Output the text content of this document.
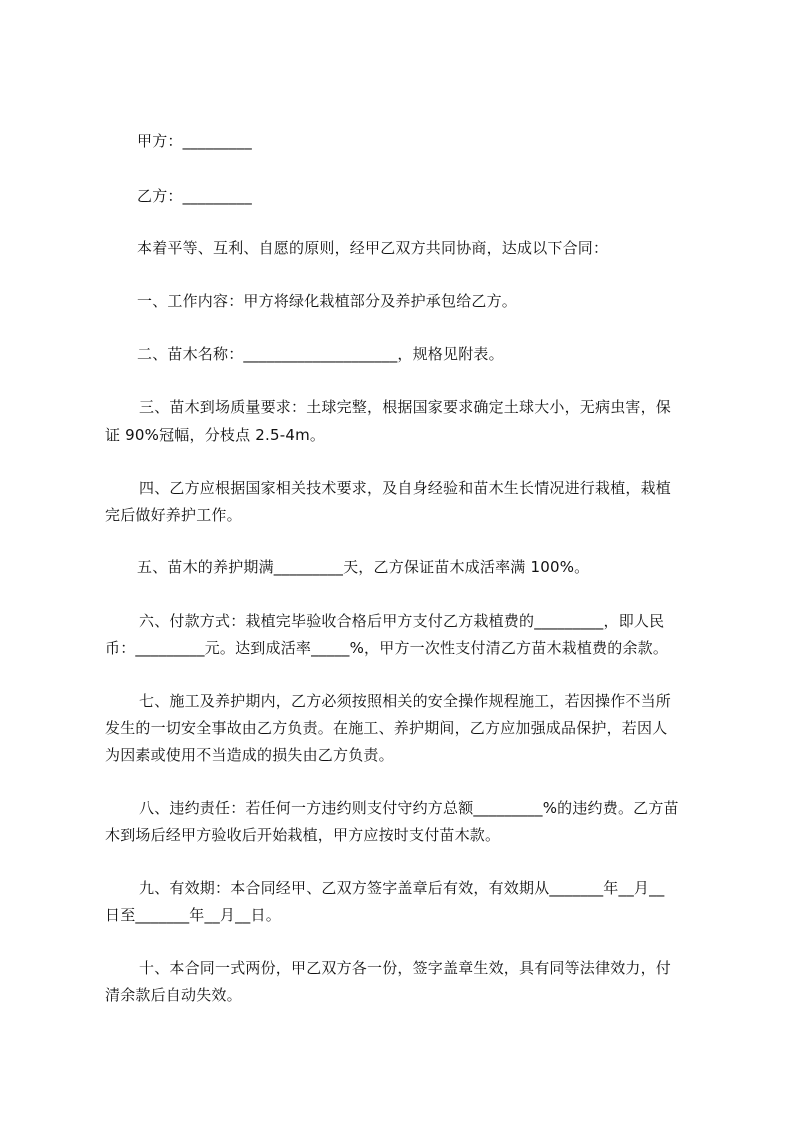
甲方：_________
乙方：_________
本着平等、互利、自愿的原则，经甲乙双方共同协商，达成以下合同：
一、工作内容：甲方将绿化栽植部分及养护承包给乙方。
二、苗木名称：____________________，规格见附表。
三、苗木到场质量要求：土球完整，根据国家要求确定土球大小，无病虫害，保
证 90%冠幅，分枝点 2.5-4m。
四、乙方应根据国家相关技术要求，及自身经验和苗木生长情况进行栽植，栽植
完后做好养护工作。
五、苗木的养护期满_________天，乙方保证苗木成活率满 100%。
六、付款方式：栽植完毕验收合格后甲方支付乙方栽植费的_________，即人民
币：_________元。达到成活率_____%，甲方一次性支付清乙方苗木栽植费的余款。
七、施工及养护期内，乙方必须按照相关的安全操作规程施工，若因操作不当所
发生的一切安全事故由乙方负责。在施工、养护期间，乙方应加强成品保护，若因人
为因素或使用不当造成的损失由乙方负责。
八、违约责任：若任何一方违约则支付守约方总额_________%的违约费。乙方苗
木到场后经甲方验收后开始栽植，甲方应按时支付苗木款。
九、有效期：本合同经甲、乙双方签字盖章后有效，有效期从_______年__月__
日至_______年__月__日。
十、本合同一式两份，甲乙双方各一份，签字盖章生效，具有同等法律效力，付
清余款后自动失效。
